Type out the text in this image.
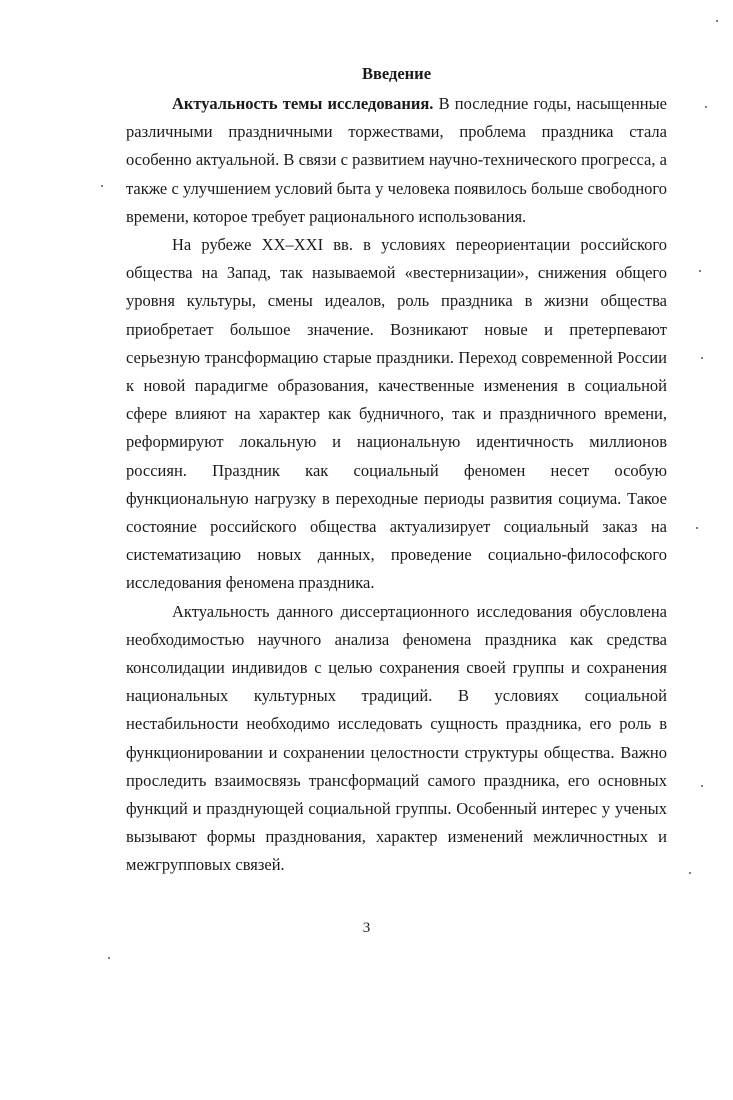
Введение

Актуальность темы исследования. В последние годы, насыщенные различными праздничными торжествами, проблема праздника стала особенно актуальной. В связи с развитием научно-технического прогресса, а также с улучшением условий быта у человека появилось больше свободного времени, которое требует рационального использования.

На рубеже XX–XXI вв. в условиях переориентации российского общества на Запад, так называемой «вестернизации», снижения общего уровня культуры, смены идеалов, роль праздника в жизни общества приобретает большое значение. Возникают новые и претерпевают серьезную трансформацию старые праздники. Переход современной России к новой парадигме образования, качественные изменения в социальной сфере влияют на характер как будничного, так и праздничного времени, реформируют локальную и национальную идентичность миллионов россиян. Праздник как социальный феномен несет особую функциональную нагрузку в переходные периоды развития социума. Такое состояние российского общества актуализирует социальный заказ на систематизацию новых данных, проведение социально-философского исследования феномена праздника.

Актуальность данного диссертационного исследования обусловлена необходимостью научного анализа феномена праздника как средства консолидации индивидов с целью сохранения своей группы и сохранения национальных культурных традиций. В условиях социальной нестабильности необходимо исследовать сущность праздника, его роль в функционировании и сохранении целостности структуры общества. Важно проследить взаимосвязь трансформаций самого праздника, его основных функций и празднующей социальной группы. Особенный интерес у ученых вызывают формы празднования, характер изменений межличностных и межгрупповых связей.

3
